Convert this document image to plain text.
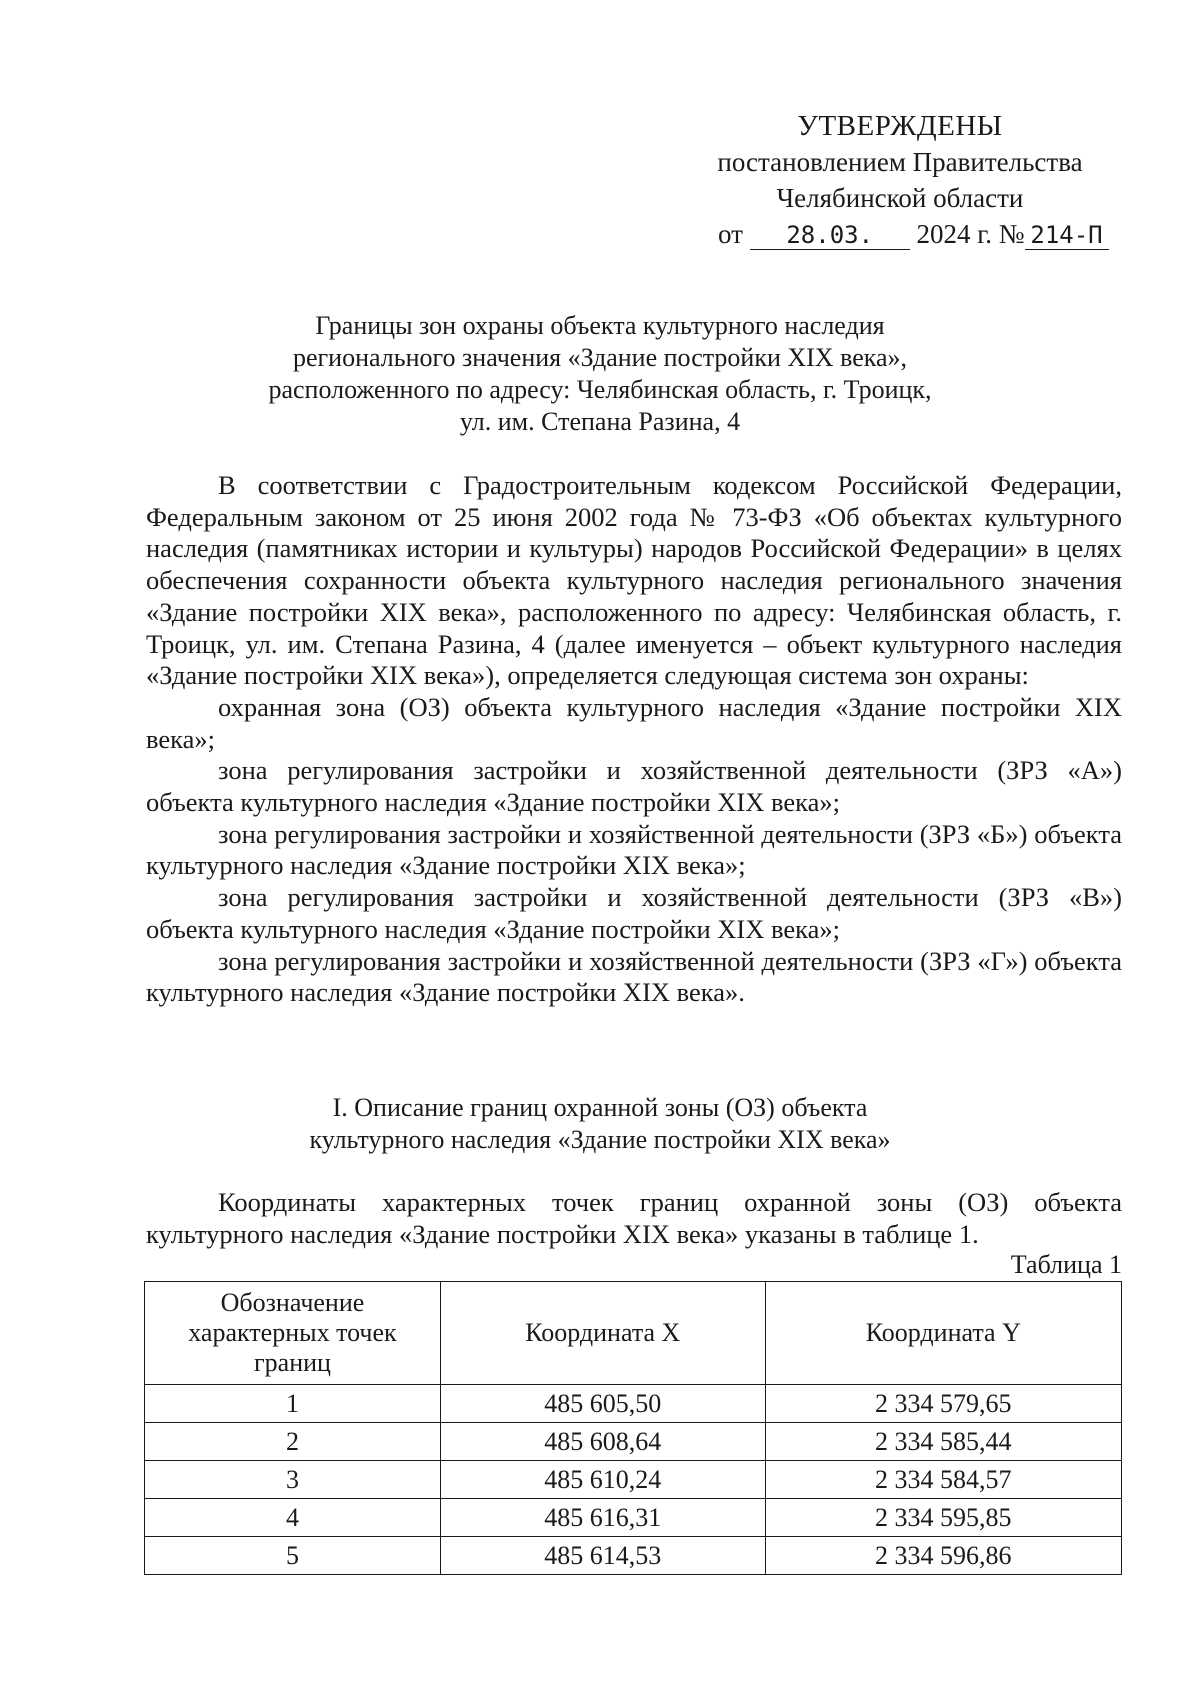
УТВЕРЖДЕНЫ
постановлением Правительства
Челябинской области
от 28.03. 2024 г. № 214-П
Границы зон охраны объекта культурного наследия
регионального значения «Здание постройки XIX века»,
расположенного по адресу: Челябинская область, г. Троицк,
ул. им. Степана Разина, 4

В соответствии с Градостроительным кодексом Российской Федерации, Федеральным законом от 25 июня 2002 года № 73-ФЗ «Об объектах культурного наследия (памятниках истории и культуры) народов Российской Федерации» в целях обеспечения сохранности объекта культурного наследия регионального значения «Здание постройки XIX века», расположенного по адресу: Челябинская область, г. Троицк, ул. им. Степана Разина, 4 (далее именуется – объект культурного наследия «Здание постройки XIX века»), определяется следующая система зон охраны:

охранная зона (ОЗ) объекта культурного наследия «Здание постройки XIX века»;

зона регулирования застройки и хозяйственной деятельности (ЗРЗ «А») объекта культурного наследия «Здание постройки XIX века»;

зона регулирования застройки и хозяйственной деятельности (ЗРЗ «Б») объекта культурного наследия «Здание постройки XIX века»;

зона регулирования застройки и хозяйственной деятельности (ЗРЗ «В») объекта культурного наследия «Здание постройки XIX века»;

зона регулирования застройки и хозяйственной деятельности (ЗРЗ «Г») объекта культурного наследия «Здание постройки XIX века».

I. Описание границ охранной зоны (ОЗ) объекта
культурного наследия «Здание постройки XIX века»

Координаты характерных точек границ охранной зоны (ОЗ) объекта культурного наследия «Здание постройки XIX века» указаны в таблице 1.

Таблица 1
Обозначение
характерных точек
границ	Координата X	Координата Y
1	485 605,50	2 334 579,65
2	485 608,64	2 334 585,44
3	485 610,24	2 334 584,57
4	485 616,31	2 334 595,85
5	485 614,53	2 334 596,86
